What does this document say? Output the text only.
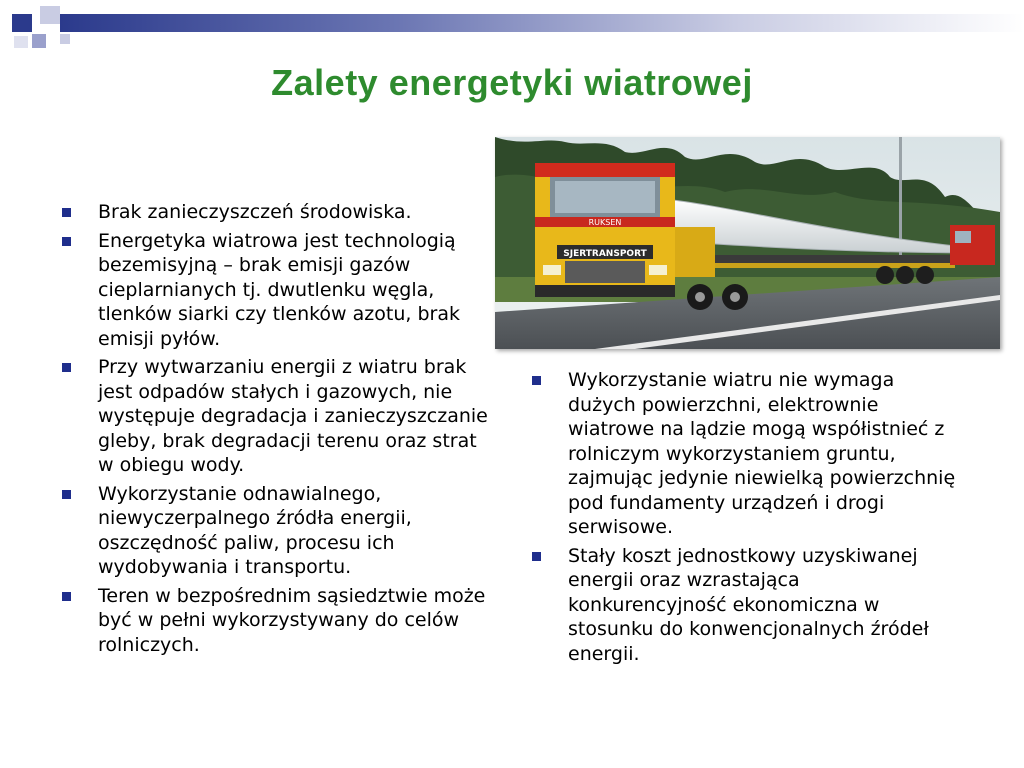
Zalety energetyki wiatrowej
Brak zanieczyszczeń środowiska.
Energetyka wiatrowa jest technologią bezemisyjną – brak emisji gazów cieplarnianych tj. dwutlenku węgla, tlenków siarki czy tlenków azotu, brak emisji pyłów.
Przy wytwarzaniu energii z wiatru brak jest odpadów stałych i gazowych, nie występuje degradacja i zanieczyszczanie gleby, brak degradacji terenu oraz strat w obiegu wody.
Wykorzystanie odnawialnego, niewyczerpalnego źródła energii, oszczędność paliw, procesu ich wydobywania i transportu.
Teren w bezpośrednim sąsiedztwie może być w pełni wykorzystywany do celów rolniczych.
RUKSEN
SJERTRANSPORT
Wykorzystanie wiatru nie wymaga dużych powierzchni, elektrownie wiatrowe na lądzie mogą współistnieć z rolniczym wykorzystaniem gruntu, zajmując jedynie niewielką powierzchnię pod fundamenty urządzeń i drogi serwisowe.
Stały koszt jednostkowy uzyskiwanej energii oraz wzrastająca konkurencyjność ekonomiczna w stosunku do konwencjonalnych źródeł energii.
